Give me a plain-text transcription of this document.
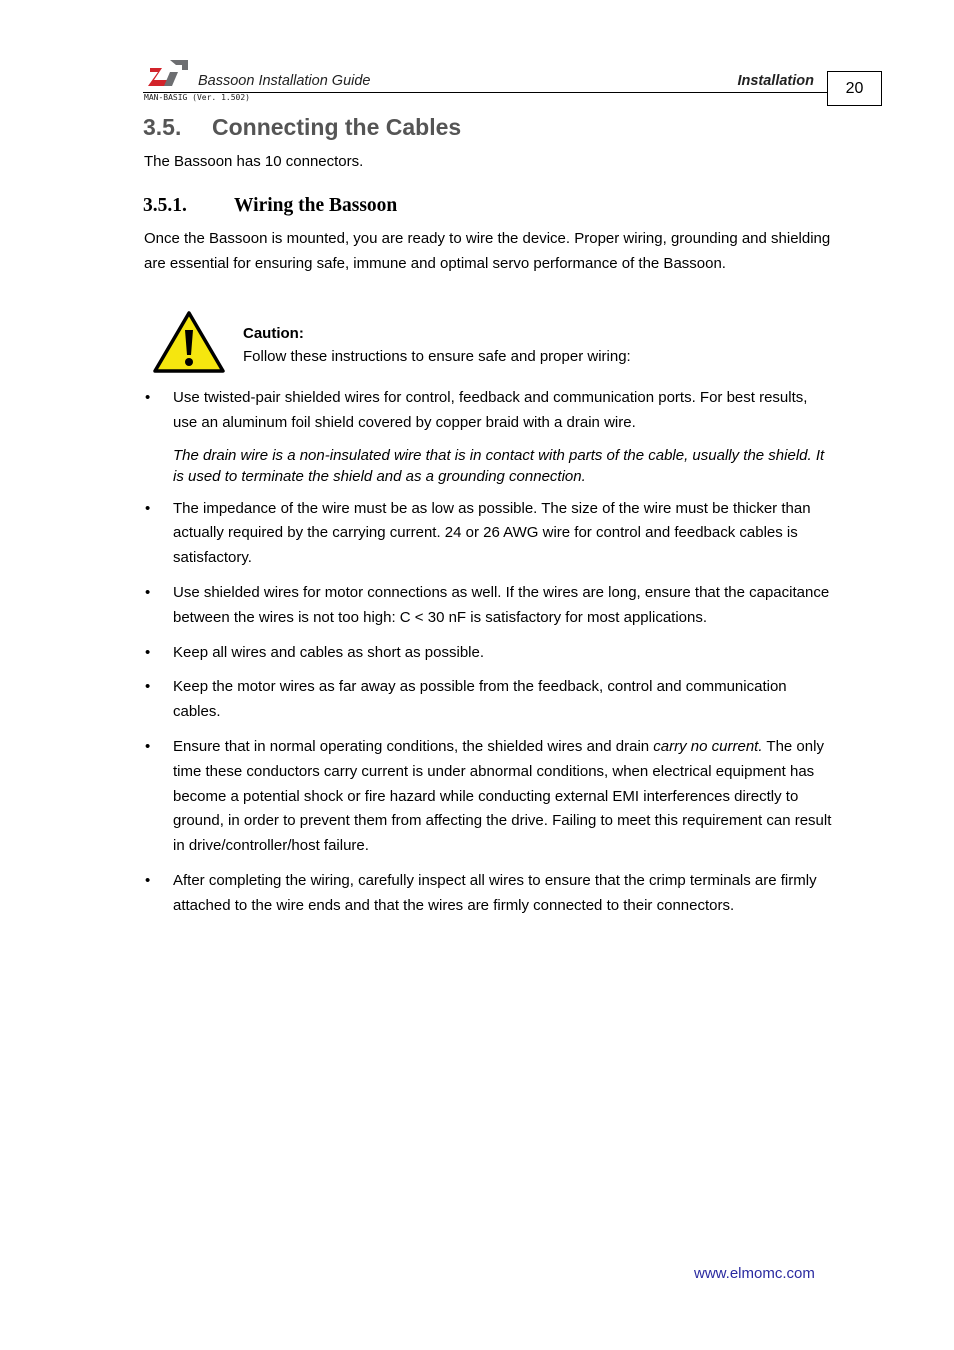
Bassoon Installation Guide	Installation
MAN-BASIG (Ver. 1.502)
20
3.5. Connecting the Cables
The Bassoon has 10 connectors.
3.5.1. Wiring the Bassoon
Once the Bassoon is mounted, you are ready to wire the device. Proper wiring, grounding and shielding are essential for ensuring safe, immune and optimal servo performance of the Bassoon.
Caution:
Follow these instructions to ensure safe and proper wiring:
•	Use twisted-pair shielded wires for control, feedback and communication ports. For best results, use an aluminum foil shield covered by copper braid with a drain wire.
The drain wire is a non-insulated wire that is in contact with parts of the cable, usually the shield. It is used to terminate the shield and as a grounding connection.
•	The impedance of the wire must be as low as possible. The size of the wire must be thicker than actually required by the carrying current. 24 or 26 AWG wire for control and feedback cables is satisfactory.
•	Use shielded wires for motor connections as well. If the wires are long, ensure that the capacitance between the wires is not too high: C < 30 nF is satisfactory for most applications.
•	Keep all wires and cables as short as possible.
•	Keep the motor wires as far away as possible from the feedback, control and communication cables.
•	Ensure that in normal operating conditions, the shielded wires and drain carry no current. The only time these conductors carry current is under abnormal conditions, when electrical equipment has become a potential shock or fire hazard while conducting external EMI interferences directly to ground, in order to prevent them from affecting the drive. Failing to meet this requirement can result in drive/controller/host failure.
•	After completing the wiring, carefully inspect all wires to ensure that the crimp terminals are firmly attached to the wire ends and that the wires are firmly connected to their connectors.
www.elmomc.com
